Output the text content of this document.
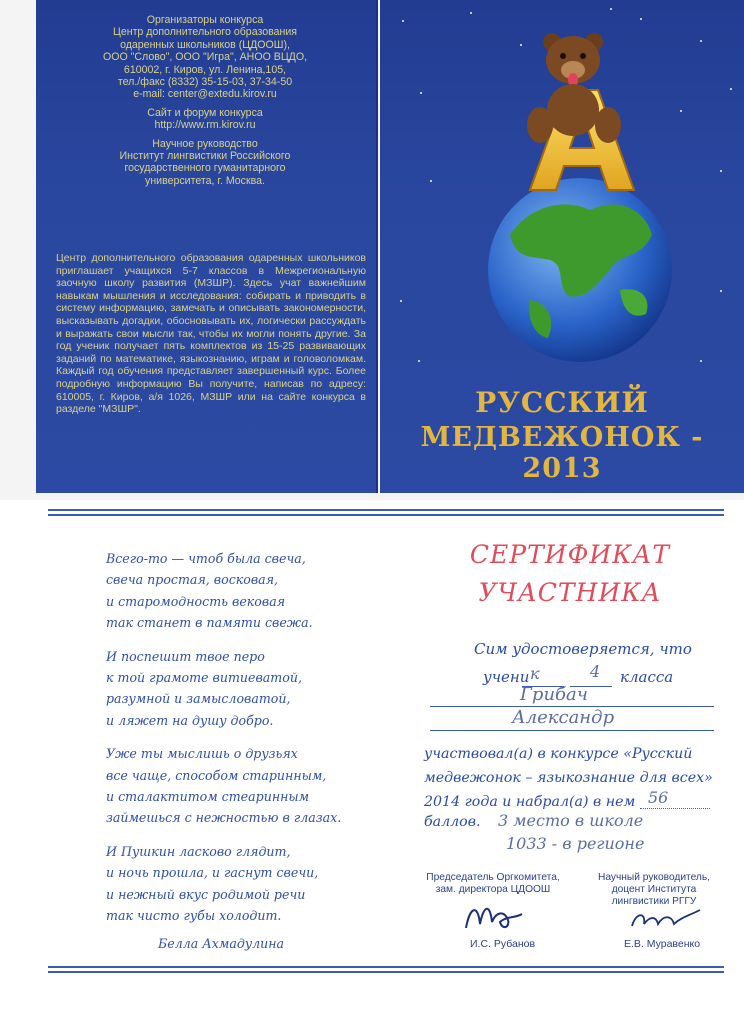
Организаторы конкурса
Центр дополнительного образования
одаренных школьников (ЦДООШ),
ООО "Слово", ООО "Игра", АНОО ВЦДО,
610002, г. Киров, ул. Ленина,105,
тел./факс (8332) 35-15-03, 37-34-50
e-mail: center@extedu.kirov.ru
Сайт и форум конкурса
http://www.rm.kirov.ru
Научное руководство
Институт лингвистики Российского
государственного гуманитарного
университета, г. Москва.
Центр дополнительного образования одаренных школьников приглашает учащихся 5-7 классов в Межрегиональную заочную школу развития (МЗШР). Здесь учат важнейшим навыкам мышления и исследования: собирать и приводить в систему информацию, замечать и описывать закономерности, высказывать догадки, обосновывать их, логически рассуждать и выражать свои мысли так, чтобы их могли понять другие. За год ученик получает пять комплектов из 15-25 развивающих заданий по математике, языкознанию, играм и головоломкам. Каждый год обучения представляет завершенный курс. Более подробную информацию Вы получите, написав по адресу: 610005, г. Киров, а/я 1026, МЗШР или на сайте конкурса в разделе "МЗШР".	РУССКИЙ
МЕДВЕЖОНОК - 2013
Всего-то — чтоб была свеча,
свеча простая, восковая,
и старомодность вековая
так станет в памяти свежа.
И поспешит твое перо
к той грамоте витиеватой,
разумной и замысловатой,
и ляжет на душу добро.
Уже ты мыслишь о друзьях
все чаще, способом старинным,
и сталактитом стеаринным
займешься с нежностью в глазах.
И Пушкин ласково глядит,
и ночь прошла, и гаснут свечи,
и нежный вкус родимой речи
так чисто губы холодит.
Белла Ахмадулина
СЕРТИФИКАТ
УЧАСТНИКА
Сим удостоверяется, что
учени к	4 класса
Грибач
Александр
участвовал(а) в конкурсе «Русский
медвежонок – языкознание для всех»
2014 года и набрал(а) в нем 56
баллов. 3 место в школе
1033 - в регионе
Председатель Оргкомитета,
зам. директора ЦДООШ
Научный руководитель,
доцент Института
лингвистики РГГУ
И.С. Рубанов	Е.В. Муравенко
